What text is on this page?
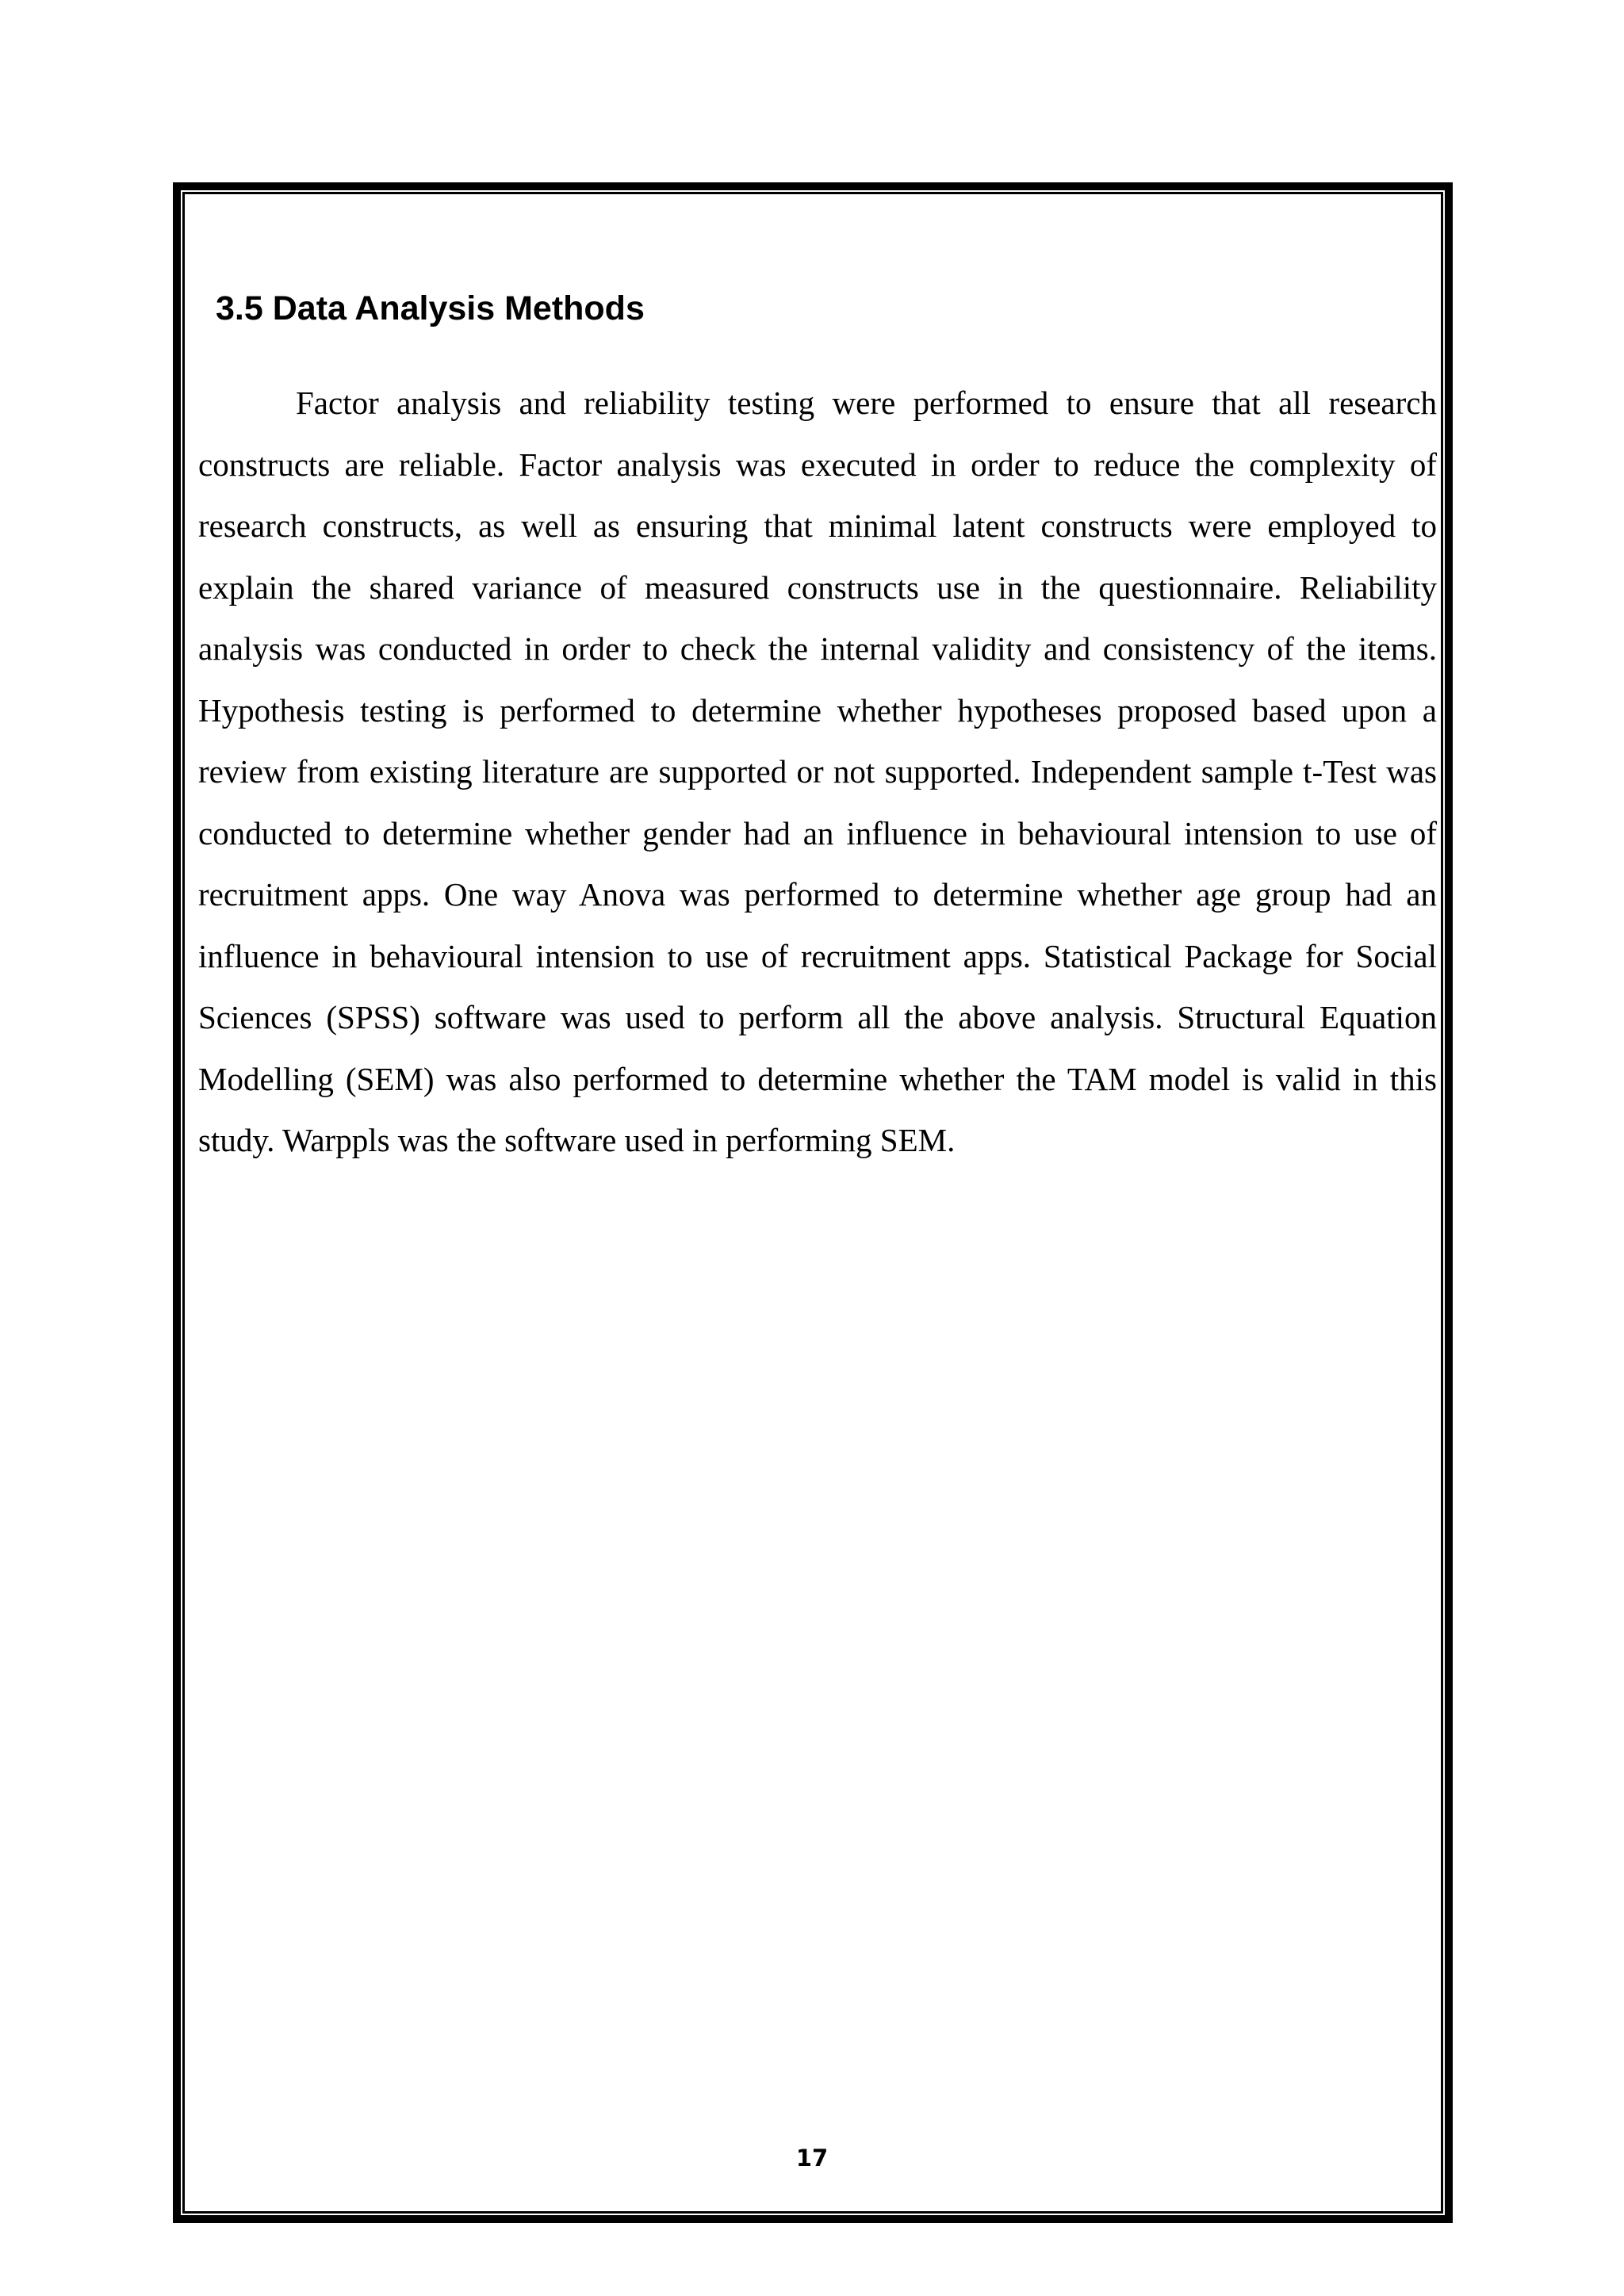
3.5 Data Analysis Methods

Factor analysis and reliability testing were performed to ensure that all research constructs are reliable. Factor analysis was executed in order to reduce the complexity of research constructs, as well as ensuring that minimal latent constructs were employed to explain the shared variance of measured constructs use in the questionnaire. Reliability analysis was conducted in order to check the internal validity and consistency of the items. Hypothesis testing is performed to determine whether hypotheses proposed based upon a review from existing literature are supported or not supported. Independent sample t-Test was conducted to determine whether gender had an influence in behavioural intension to use of recruitment apps. One way Anova was performed to determine whether age group had an influence in behavioural intension to use of recruitment apps. Statistical Package for Social Sciences (SPSS) software was used to perform all the above analysis. Structural Equation Modelling (SEM) was also performed to determine whether the TAM model is valid in this study. Warppls was the software used in performing SEM.

17
